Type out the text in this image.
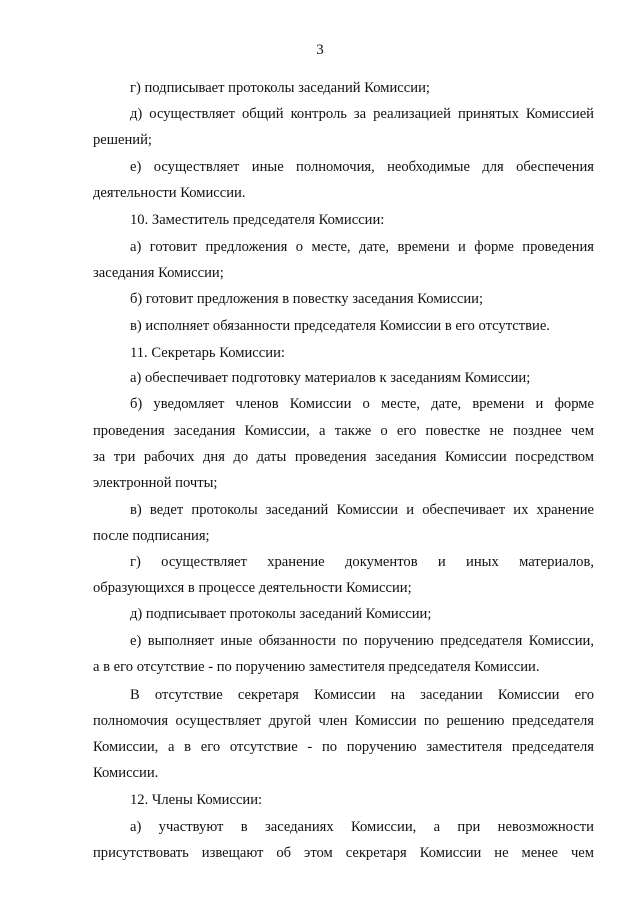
3
г) подписывает протоколы заседаний Комиссии;
д) осуществляет общий контроль за реализацией принятых Комиссией
решений;
е) осуществляет иные полномочия, необходимые для обеспечения
деятельности Комиссии.
10. Заместитель председателя Комиссии:
а) готовит предложения о месте, дате, времени и форме проведения
заседания Комиссии;
б) готовит предложения в повестку заседания Комиссии;
в) исполняет обязанности председателя Комиссии в его отсутствие.
11. Секретарь Комиссии:
а) обеспечивает подготовку материалов к заседаниям Комиссии;
б) уведомляет членов Комиссии о месте, дате, времени и форме
проведения заседания Комиссии, а также о его повестке не позднее чем
за три рабочих дня до даты проведения заседания Комиссии посредством
электронной почты;
в) ведет протоколы заседаний Комиссии и обеспечивает их хранение
после подписания;
г) осуществляет хранение документов и иных материалов,
образующихся в процессе деятельности Комиссии;
д) подписывает протоколы заседаний Комиссии;
е) выполняет иные обязанности по поручению председателя Комиссии,
а в его отсутствие - по поручению заместителя председателя Комиссии.
В отсутствие секретаря Комиссии на заседании Комиссии его
полномочия осуществляет другой член Комиссии по решению председателя
Комиссии, а в его отсутствие - по поручению заместителя председателя
Комиссии.
12. Члены Комиссии:
а) участвуют в заседаниях Комиссии, а при невозможности
присутствовать извещают об этом секретаря Комиссии не менее чем
